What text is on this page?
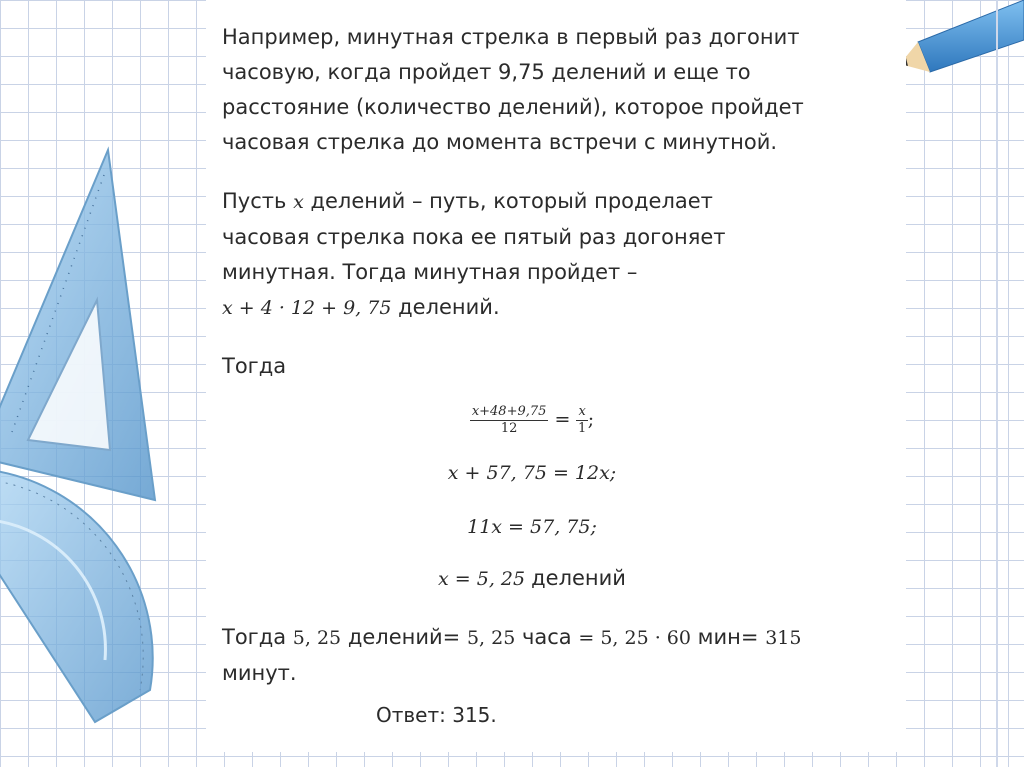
Например, минутная стрелка в первый раз догонит
часовую, когда пройдет 9,75 делений и еще то
расстояние (количество делений), которое пройдет
часовая стрелка до момента встречи с минутной.

Пусть x делений – путь, который проделает
часовая стрелка пока ее пятый раз догоняет
минутная. Тогда минутная пройдет –
x + 4 · 12 + 9, 75 делений.

Тогда

$\frac{x+48+9,75}{12} = \frac{x}{1}$ ;
x + 57, 75 = 12x;
11x = 57, 75;
x = 5, 25 делений

Тогда 5, 25 делений= 5, 25 часа = 5, 25 · 60 мин= 315
минут.

Ответ: 315.
